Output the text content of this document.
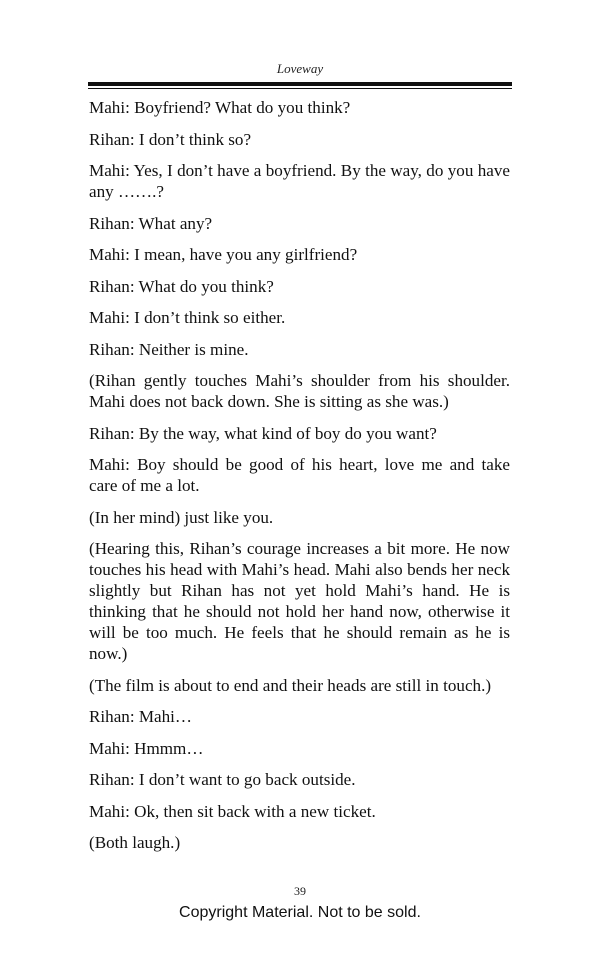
Loveway

Mahi: Boyfriend? What do you think?

Rihan: I don’t think so?

Mahi: Yes, I don’t have a boyfriend. By the way, do you have any …….?

Rihan: What any?

Mahi: I mean, have you any girlfriend?

Rihan: What do you think?

Mahi: I don’t think so either.

Rihan: Neither is mine.

(Rihan gently touches Mahi’s shoulder from his shoulder. Mahi does not back down. She is sitting as she was.)

Rihan: By the way, what kind of boy do you want?

Mahi: Boy should be good of his heart, love me and take care of me a lot.

(In her mind) just like you.

(Hearing this, Rihan’s courage increases a bit more. He now touches his head with Mahi’s head. Mahi also bends her neck slightly but Rihan has not yet hold Mahi’s hand. He is thinking that he should not hold her hand now, otherwise it will be too much. He feels that he should remain as he is now.)

(The film is about to end and their heads are still in touch.)

Rihan: Mahi…

Mahi: Hmmm…

Rihan: I don’t want to go back outside.

Mahi: Ok, then sit back with a new ticket.

(Both laugh.)

39
Copyright Material. Not to be sold.
